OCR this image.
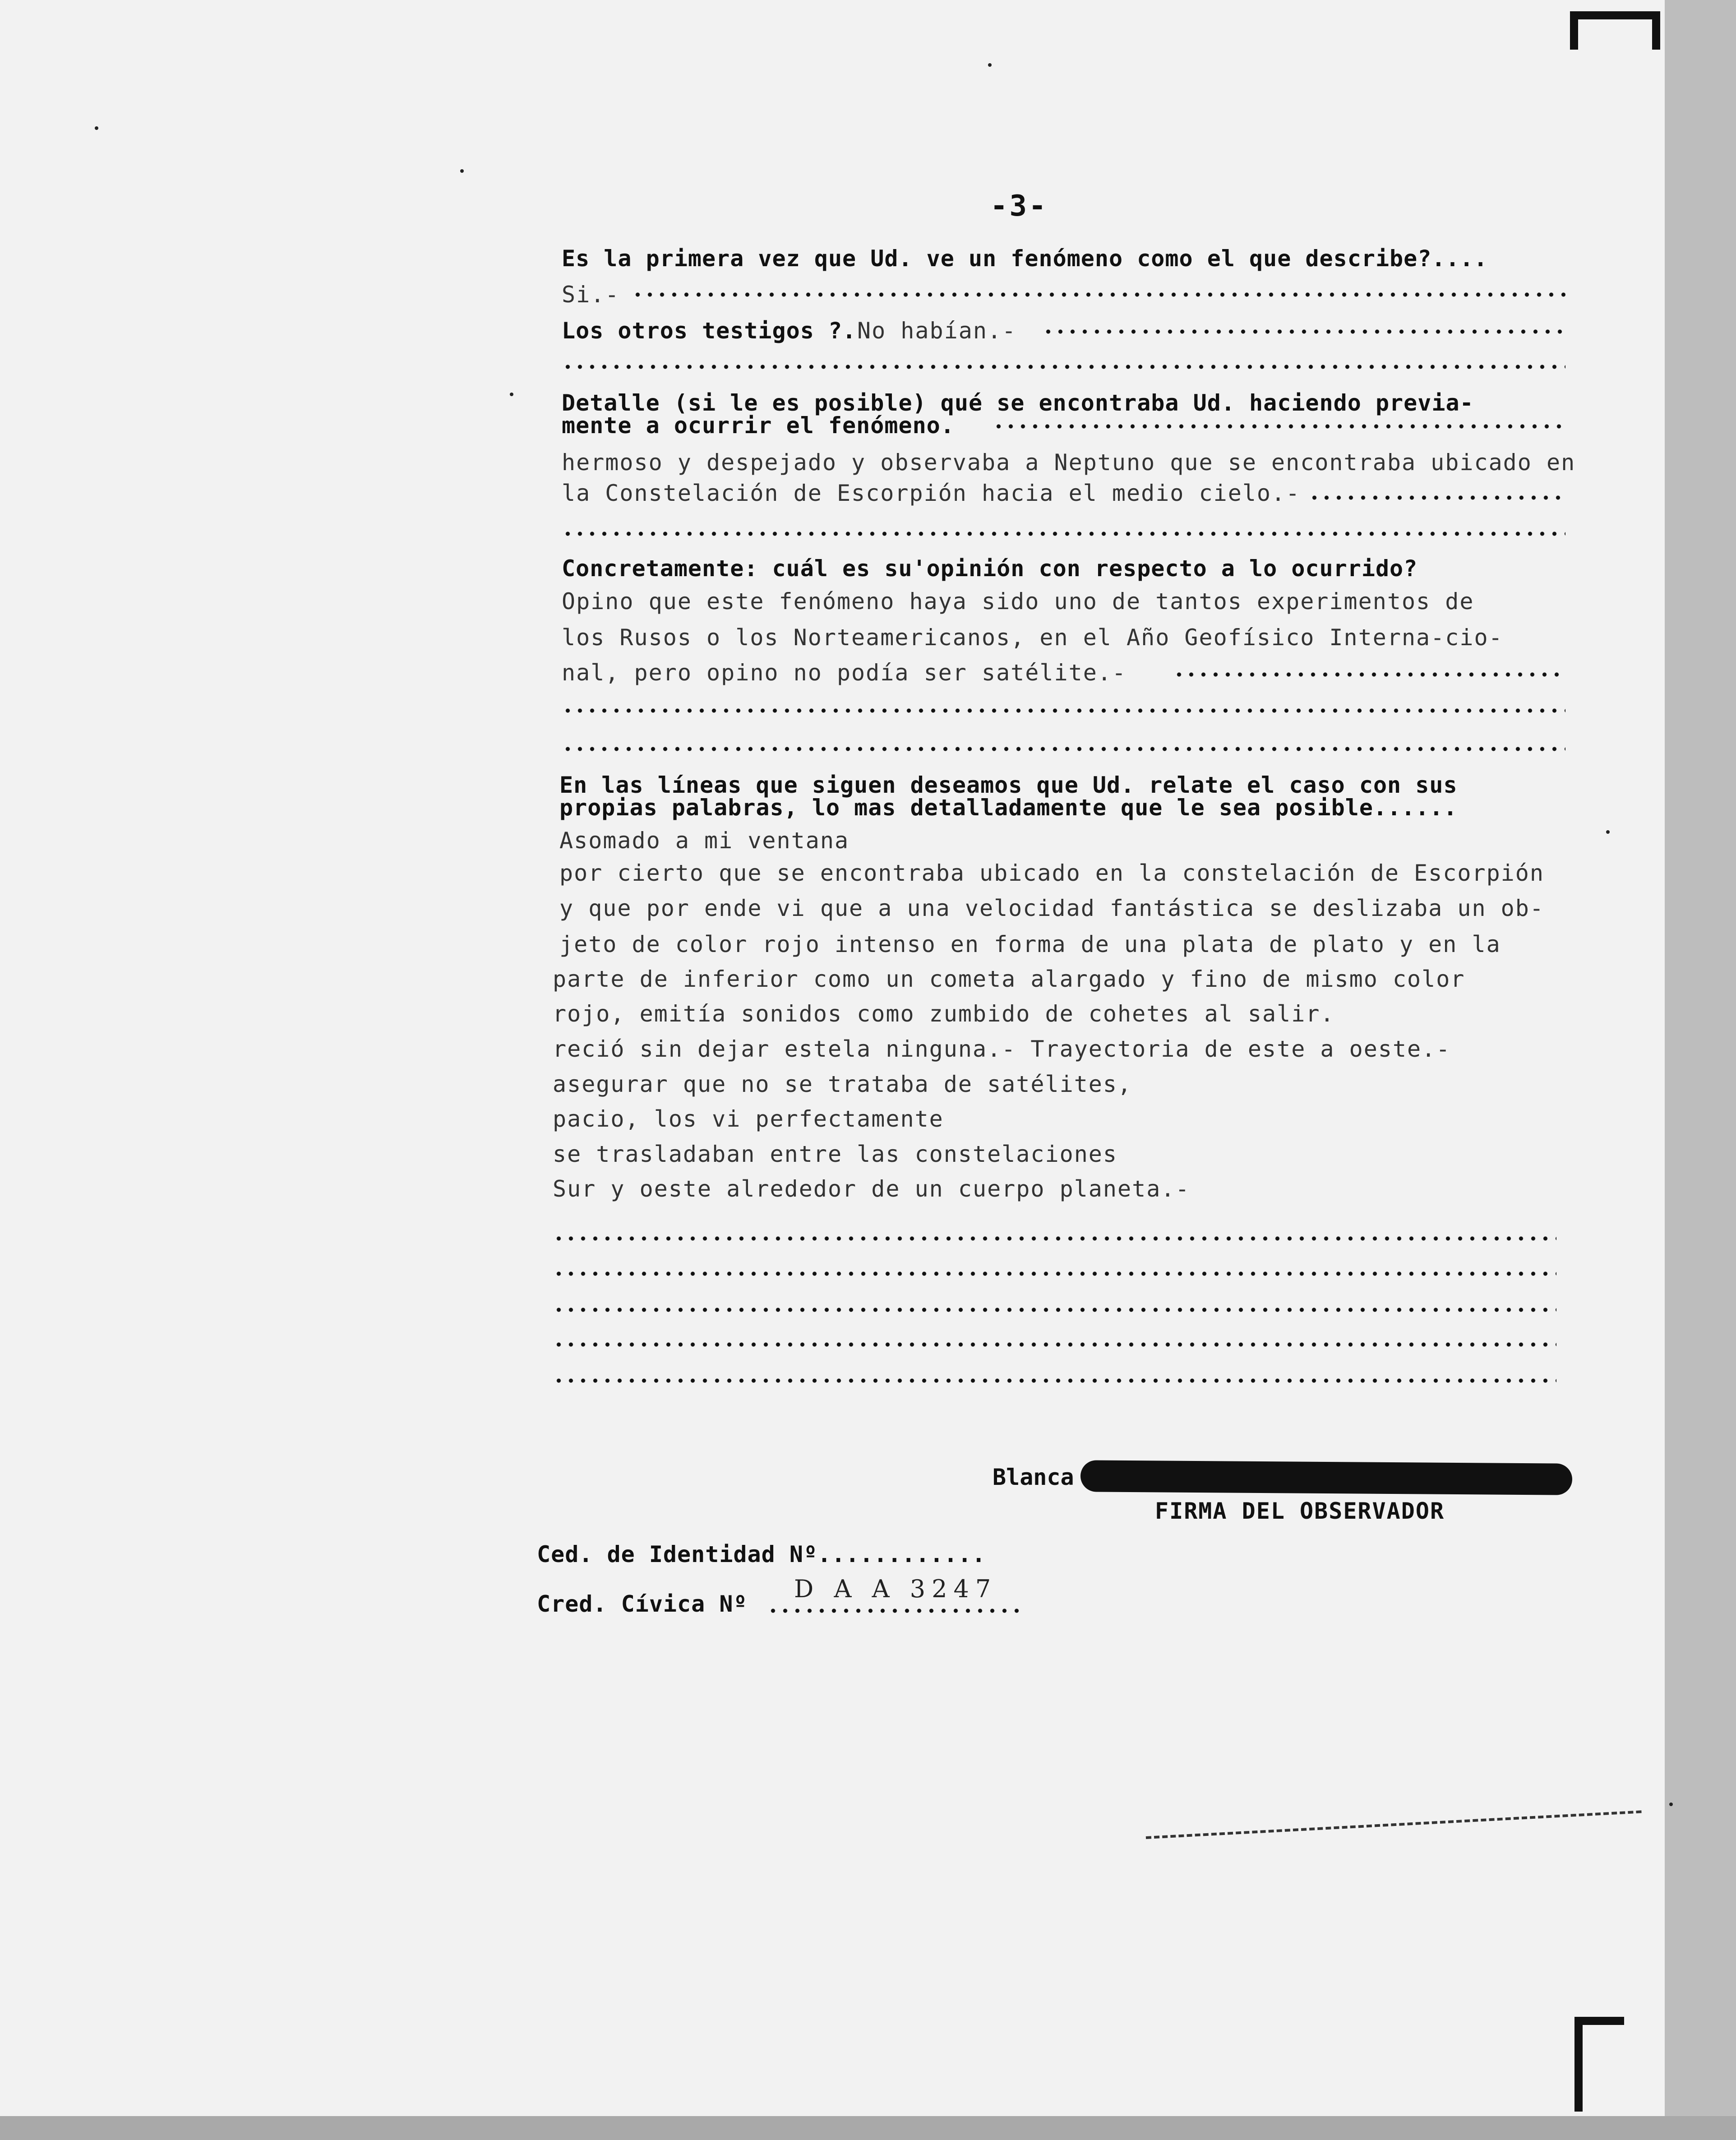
-3-
Es la primera vez que Ud. ve un fenómeno como el que describe?....
Si.-
Los otros testigos ?. No habían.-
Detalle (si le es posible) qué se encontraba Ud. haciendo previa-
mente a ocurrir el fenómeno.
hermoso y despejado y observaba a Neptuno que se encontraba ubicado en
la Constelación de Escorpión hacia el medio cielo.-
Concretamente: cuál es su'opinión con respecto a lo ocurrido?
Opino que este fenómeno haya sido uno de tantos experimentos de
los Rusos o los Norteamericanos, en el Año Geofísico Interna-cio-
nal, pero opino no podía ser satélite.-
En las líneas que siguen deseamos que Ud. relate el caso con sus
propias palabras, lo mas detalladamente que le sea posible......
Asomado a mi ventana
por cierto que se encontraba ubicado en la constelación de Escorpión
y que por ende vi que a una velocidad fantástica se deslizaba un ob-
jeto de color rojo intenso en forma de una plata de plato y en la
parte de inferior como un cometa alargado y fino de mismo color
rojo, emitía sonidos como zumbido de cohetes al salir.
reció sin dejar estela ninguna.- Trayectoria de este a oeste.-
asegurar que no se trataba de satélites,
pacio, los vi perfectamente
se trasladaban entre las constelaciones
Sur y oeste alrededor de un cuerpo planeta.-
Blanca
FIRMA DEL OBSERVADOR
Ced. de Identidad Nº............
Cred. Cívica Nº
D A A 3247
